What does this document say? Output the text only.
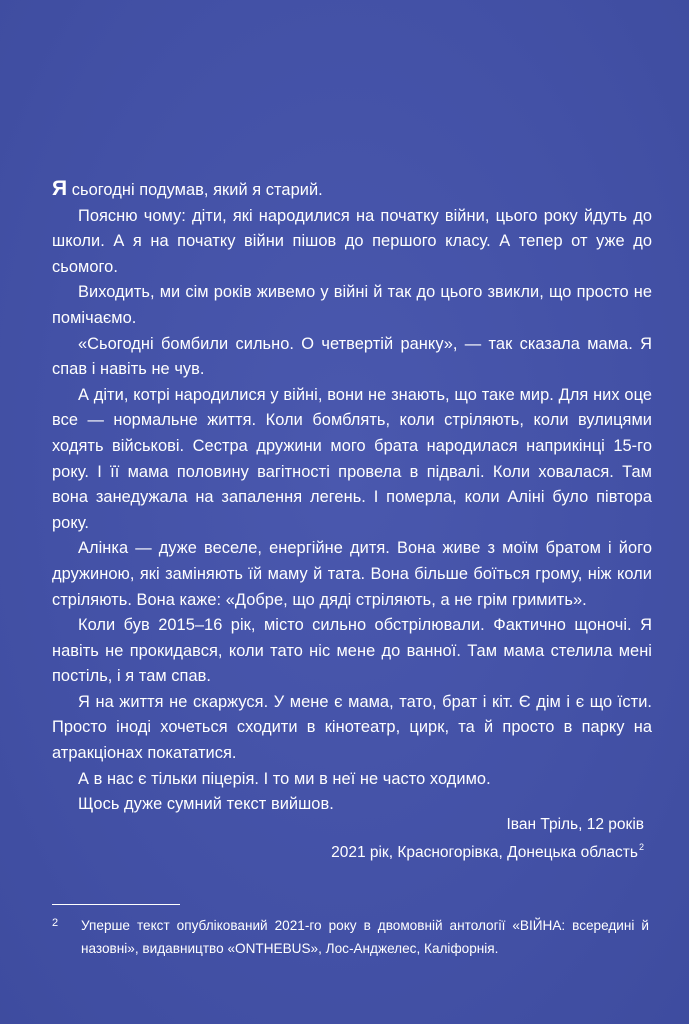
Я сьогодні подумав, який я старий.

Поясню чому: діти, які народилися на початку війни, цього року йдуть до школи. А я на початку війни пішов до першого класу. А тепер от уже до сьомого.

Виходить, ми сім років живемо у війні й так до цього звикли, що просто не помічаємо.

«Сьогодні бомбили сильно. О четвертій ранку», — так сказала мама. Я спав і навіть не чув.

А діти, котрі народилися у війні, вони не знають, що таке мир. Для них оце все — нормальне життя. Коли бомблять, коли стріляють, коли вулицями ходять військові. Сестра дружини мого брата народилася наприкінці 15-го року. І її мама половину вагітності провела в підвалі. Коли ховалася. Там вона занедужала на запалення легень. І померла, коли Аліні було півтора року.

Алінка — дуже веселе, енергійне дитя. Вона живе з моїм братом і його дружиною, які заміняють їй маму й тата. Вона більше боїться грому, ніж коли стріляють. Вона каже: «Добре, що дяді стріляють, а не грім гримить».

Коли був 2015–16 рік, місто сильно обстрілювали. Фактично щоночі. Я навіть не прокидався, коли тато ніс мене до ванної. Там мама стелила мені постіль, і я там спав.

Я на життя не скаржуся. У мене є мама, тато, брат і кіт. Є дім і є що їсти. Просто іноді хочеться сходити в кінотеатр, цирк, та й просто в парку на атракціонах покататися.

А в нас є тільки піцерія. І то ми в неї не часто ходимо.

Щось дуже сумний текст вийшов.

Іван Тріль, 12 років
2021 рік, Красногорівка, Донецька область$^2$
2 Уперше текст опублікований 2021-го року в двомовній антології «ВІЙНА: всередині й назовні», видавництво «ONTHEBUS», Лос-Анджелес, Каліфорнія.
